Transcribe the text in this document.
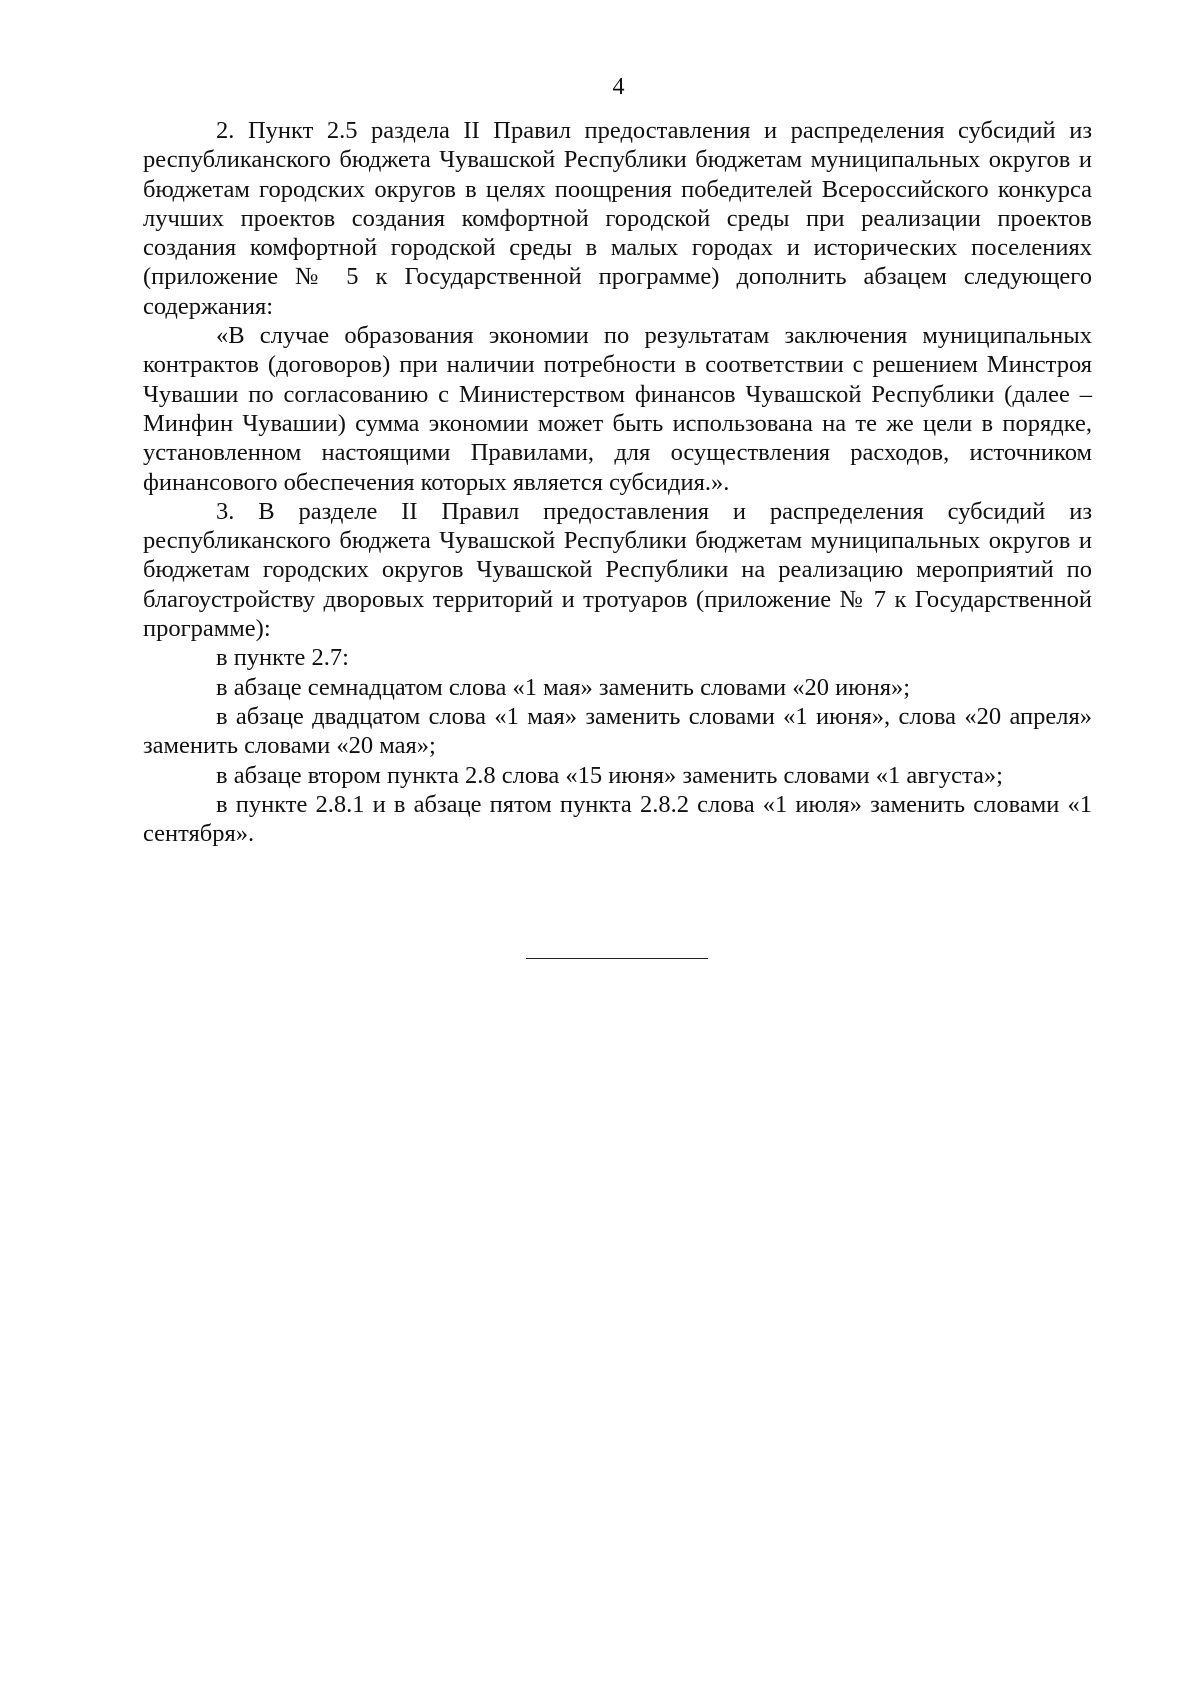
4

2. Пункт 2.5 раздела II Правил предоставления и распределения субсидий из республиканского бюджета Чувашской Республики бюджетам муниципальных округов и бюджетам городских округов в целях поощрения победителей Всероссийского конкурса лучших проектов создания комфортной городской среды при реализации проектов создания комфортной городской среды в малых городах и исторических поселениях (приложение № 5 к Государственной программе) дополнить абзацем следующего содержания:

«В случае образования экономии по результатам заключения муниципальных контрактов (договоров) при наличии потребности в соответствии с решением Минстроя Чувашии по согласованию с Министерством финансов Чувашской Республики (далее – Минфин Чувашии) сумма экономии может быть использована на те же цели в порядке, установленном настоящими Правилами, для осуществления расходов, источником финансового обеспечения которых является субсидия.».

3. В разделе II Правил предоставления и распределения субсидий из республиканского бюджета Чувашской Республики бюджетам муниципальных округов и бюджетам городских округов Чувашской Республики на реализацию мероприятий по благоустройству дворовых территорий и тротуаров (приложение № 7 к Государственной программе):

в пункте 2.7:

в абзаце семнадцатом слова «1 мая» заменить словами «20 июня»;

в абзаце двадцатом слова «1 мая» заменить словами «1 июня», слова «20 апреля» заменить словами «20 мая»;

в абзаце втором пункта 2.8 слова «15 июня» заменить словами «1 августа»;

в пункте 2.8.1 и в абзаце пятом пункта 2.8.2 слова «1 июля» заменить словами «1 сентября».
